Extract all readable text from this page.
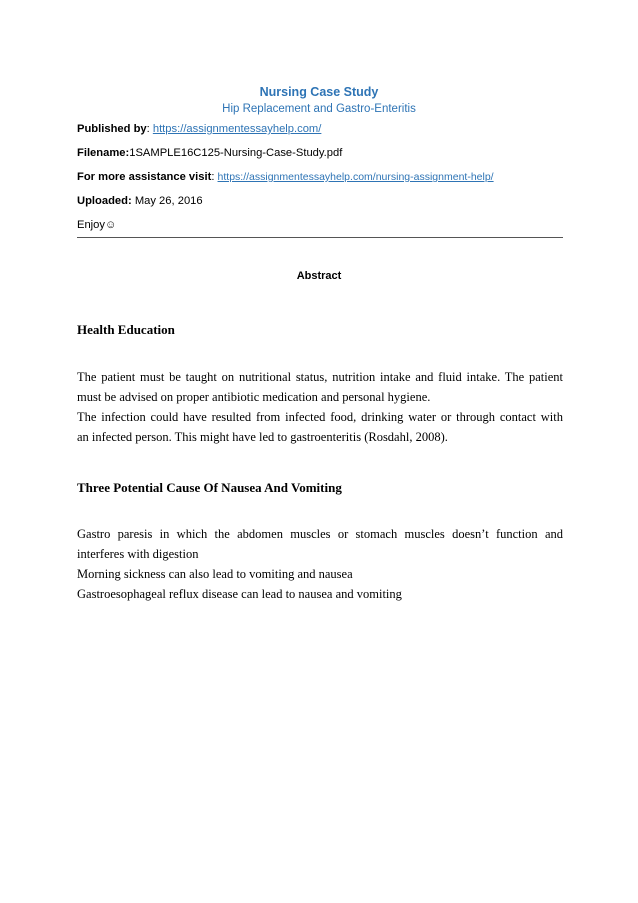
Nursing Case Study
Hip Replacement and Gastro-Enteritis
Published by: https://assignmentessayhelp.com/
Filename:1SAMPLE16C125-Nursing-Case-Study.pdf
For more assistance visit: https://assignmentessayhelp.com/nursing-assignment-help/
Uploaded: May 26, 2016
Enjoy☺
Abstract
Health Education
The patient must be taught on nutritional status, nutrition intake and fluid intake. The patient
must be advised on proper antibiotic medication and personal hygiene.
The infection could have resulted from infected food, drinking water or through contact with
an infected person. This might have led to gastroenteritis (Rosdahl, 2008).
Three Potential Cause Of Nausea And Vomiting
Gastro paresis in which the abdomen muscles or stomach muscles doesn’t function and
interferes with digestion
Morning sickness can also lead to vomiting and nausea
Gastroesophageal reflux disease can lead to nausea and vomiting
